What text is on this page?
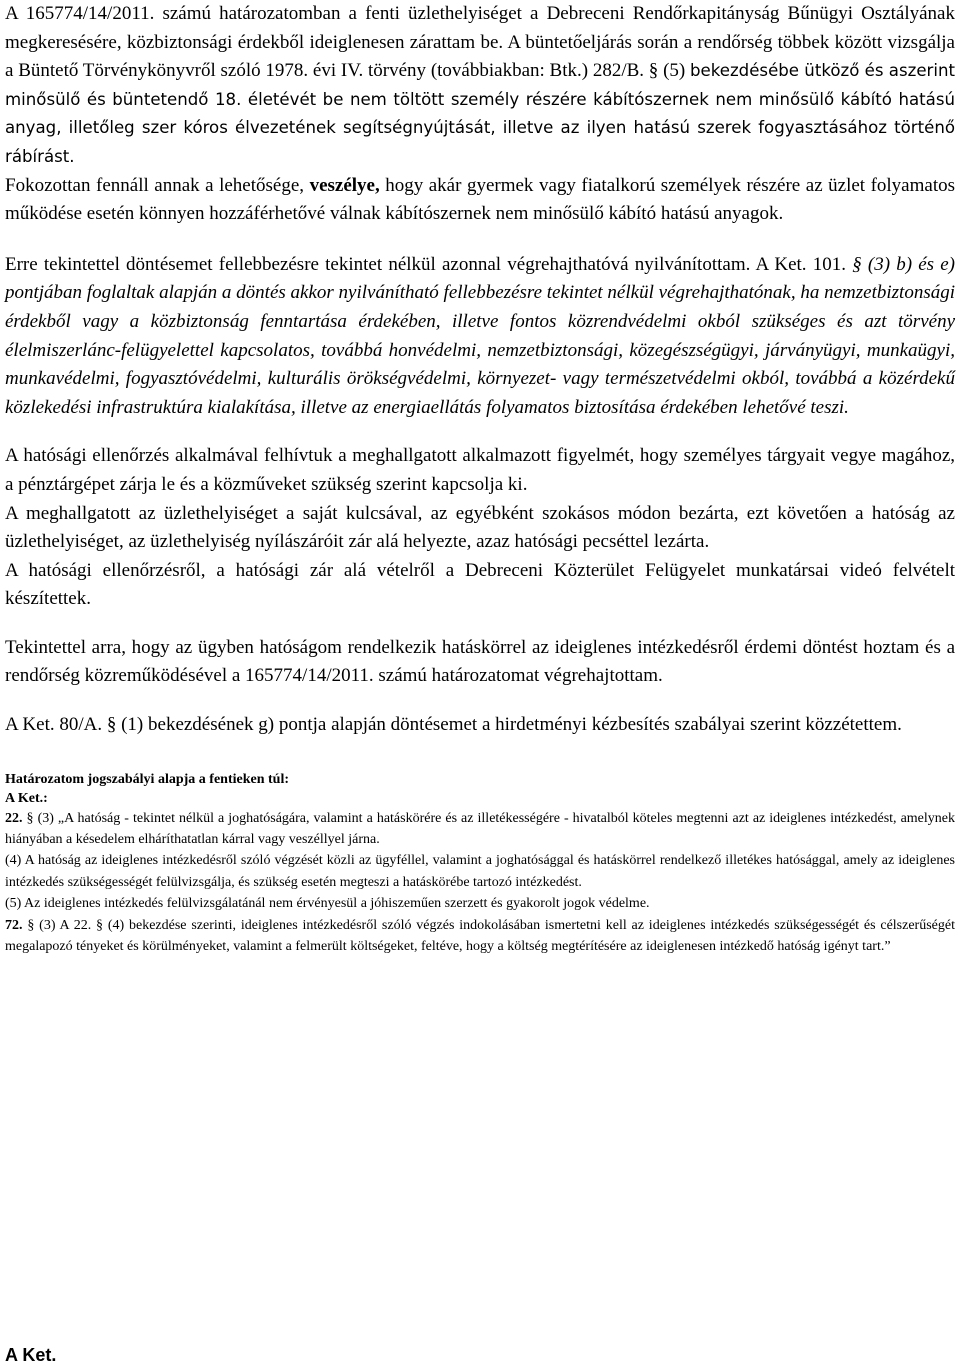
A 165774/14/2011. számú határozatomban a fenti üzlethelyiséget a Debreceni Rendőrkapitányság Bűnügyi Osztályának megkeresésére, közbiztonsági érdekből ideiglenesen zárattam be. A büntetőeljárás során a rendőrség többek között vizsgálja a Büntető Törvénykönyvről szóló 1978. évi IV. törvény (továbbiakban: Btk.) 282/B. § (5) bekezdésébe ütköző és aszerint minősülő és büntetendő 18. életévét be nem töltött személy részére kábítószernek nem minősülő kábító hatású anyag, illetőleg szer kóros élvezetének segítségnyújtását, illetve az ilyen hatású szerek fogyasztásához történő rábírást.
Fokozottan fennáll annak a lehetősége, veszélye, hogy akár gyermek vagy fiatalkorú személyek részére az üzlet folyamatos működése esetén könnyen hozzáférhetővé válnak kábítószernek nem minősülő kábító hatású anyagok.

Erre tekintettel döntésemet fellebbezésre tekintet nélkül azonnal végrehajthatóvá nyilvánítottam. A Ket. 101. § (3) b) és e) pontjában foglaltak alapján a döntés akkor nyilvánítható fellebbezésre tekintet nélkül végrehajthatónak, ha nemzetbiztonsági érdekből vagy a közbiztonság fenntartása érdekében, illetve fontos közrendvédelmi okból szükséges és azt törvény élelmiszerlánc-felügyelettel kapcsolatos, továbbá honvédelmi, nemzetbiztonsági, közegészségügyi, járványügyi, munkaügyi, munkavédelmi, fogyasztóvédelmi, kulturális örökségvédelmi, környezet- vagy természetvédelmi okból, továbbá a közérdekű közlekedési infrastruktúra kialakítása, illetve az energiaellátás folyamatos biztosítása érdekében lehetővé teszi.

A hatósági ellenőrzés alkalmával felhívtuk a meghallgatott alkalmazott figyelmét, hogy személyes tárgyait vegye magához, a pénztárgépet zárja le és a közműveket szükség szerint kapcsolja ki.

A meghallgatott az üzlethelyiséget a saját kulcsával, az egyébként szokásos módon bezárta, ezt követően a hatóság az üzlethelyiséget, az üzlethelyiség nyílászáróit zár alá helyezte, azaz hatósági pecséttel lezárta.

A hatósági ellenőrzésről, a hatósági zár alá vételről a Debreceni Közterület Felügyelet munkatársai videó felvételt készítettek.

Tekintettel arra, hogy az ügyben hatóságom rendelkezik hatáskörrel az ideiglenes intézkedésről érdemi döntést hoztam és a rendőrség közreműködésével a 165774/14/2011. számú határozatomat végrehajtottam.

A Ket. 80/A. § (1) bekezdésének g) pontja alapján döntésemet a hirdetményi kézbesítés szabályai szerint közzétettem.

Határozatom jogszabályi alapja a fentieken túl:

A Ket.:

22. § (3) „A hatóság - tekintet nélkül a joghatóságára, valamint a hatáskörére és az illetékességére - hivatalból köteles megtenni azt az ideiglenes intézkedést, amelynek hiányában a késedelem elháríthatatlan kárral vagy veszéllyel járna.

(4) A hatóság az ideiglenes intézkedésről szóló végzését közli az ügyféllel, valamint a joghatósággal és hatáskörrel rendelkező illetékes hatósággal, amely az ideiglenes intézkedés szükségességét felülvizsgálja, és szükség esetén megteszi a hatáskörébe tartozó intézkedést.

(5) Az ideiglenes intézkedés felülvizsgálatánál nem érvényesül a jóhiszeműen szerzett és gyakorolt jogok védelme.

72. § (3) A 22. § (4) bekezdése szerinti, ideiglenes intézkedésről szóló végzés indokolásában ismertetni kell az ideiglenes intézkedés szükségességét és célszerűségét megalapozó tényeket és körülményeket, valamint a felmerült költségeket, feltéve, hogy a költség megtérítésére az ideiglenesen intézkedő hatóság igényt tart.”

A Ket.
